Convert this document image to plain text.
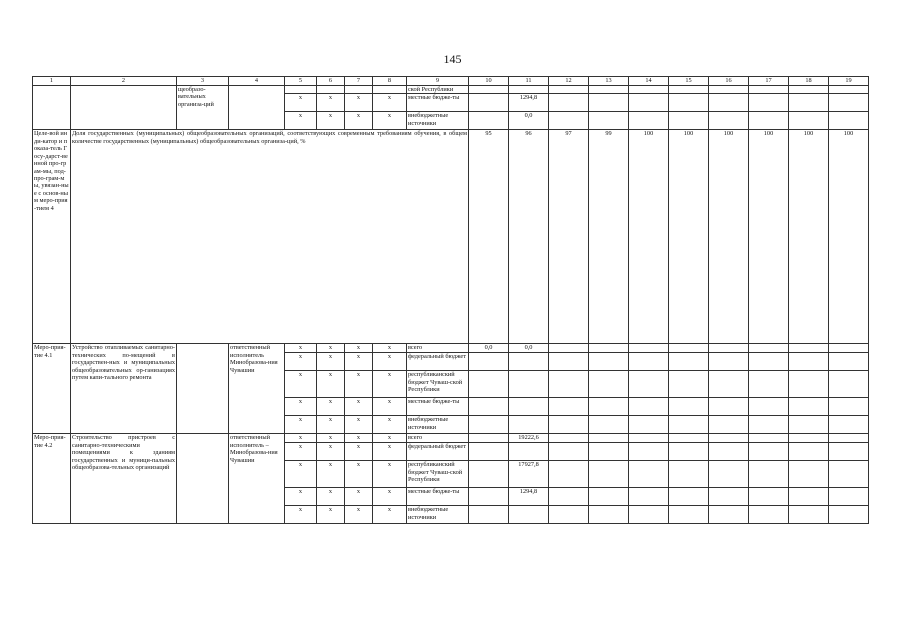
145
1	2	3	4	5	6	7	8	9	10	11	12	13	14	15	16	17	18	19
		щеобразо-вательных организа-ций						ской Республики										
				х	х	х	х	местные бюдже-ты		1294,8								
				х	х	х	х	внебюджетные источники		0,0								
Целе-вой инди-катор и показа-тель Госу-дарст-венной про-грам-мы, под-про-грам-мы, увязан-ные с основ-ным меро-прия-тием 4	Доля государственных (муниципальных) общеобразовательных организаций, соответствующих современным требованиям обучения, в общем количестве государственных (муниципальных) общеобразовательных организа-ций, %								95	96	97	99	100	100	100	100	100	100
Меро-прия-тие 4.1	Устройство отапливаемых санитарно-технических по-мещений в государствен-ных и муниципальных общеобразовательных ор-ганизациях путем капи-тального ремонта		ответственный исполнитель Минобразова-ния Чувашии	х	х	х	х	всего	0,0	0,0								
				х	х	х	х	федеральный бюджет										
				х	х	х	х	республиканский бюджет Чуваш-ской Республики										
				х	х	х	х	местные бюдже-ты										
				х	х	х	х	внебюджетные источники										
Меро-прия-тие 4.2	Строительство пристроев с санитарно-техническими помещениями к зданиям государственных и муници-пальных общеобразова-тельных организаций		ответственный исполнитель – Минобразова-ния Чувашии	х	х	х	х	всего		19222,6								
				х	х	х	х	федеральный бюджет										
				х	х	х	х	республиканский бюджет Чуваш-ской Республики		17927,8								
				х	х	х	х	местные бюдже-ты		1294,8								
				х	х	х	х	внебюджетные источники										
